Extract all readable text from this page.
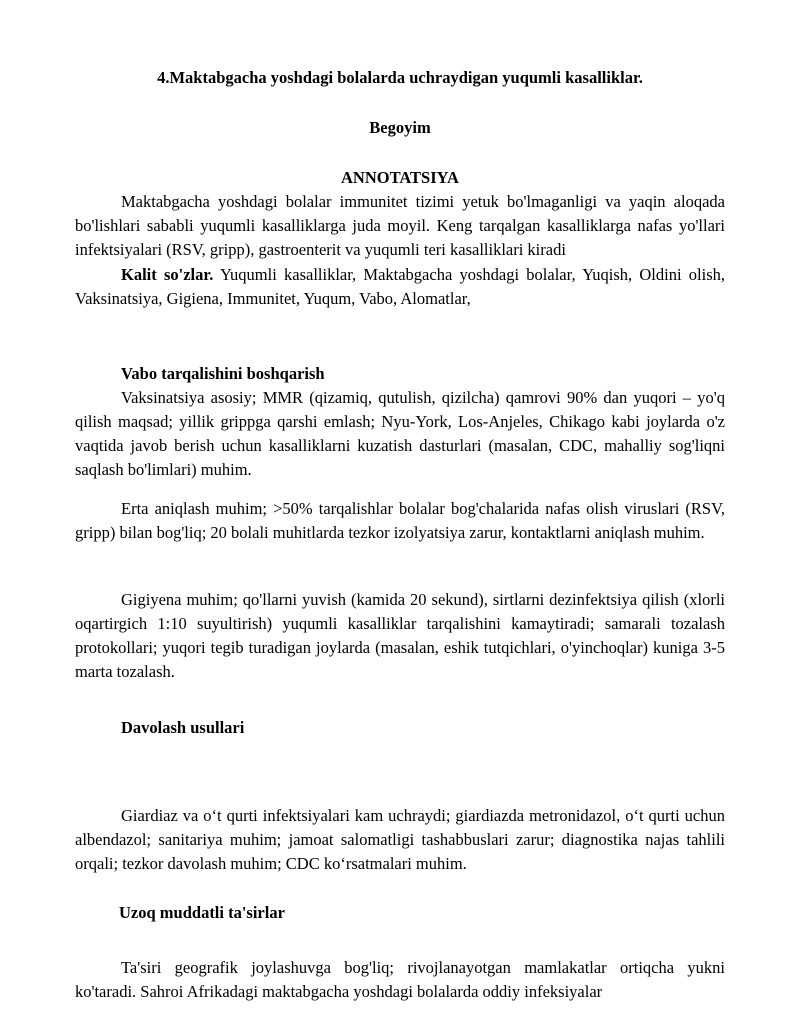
4.Maktabgacha yoshdagi bolalarda uchraydigan yuqumli kasalliklar.

Begoyim

ANNOTATSIYA

Maktabgacha yoshdagi bolalar immunitet tizimi yetuk bo'lmaganligi va yaqin aloqada bo'lishlari sababli yuqumli kasalliklarga juda moyil. Keng tarqalgan kasalliklarga nafas yo'llari infektsiyalari (RSV, gripp), gastroenterit va yuqumli teri kasalliklari kiradi

Kalit so'zlar. Yuqumli kasalliklar, Maktabgacha yoshdagi bolalar, Yuqish, Oldini olish, Vaksinatsiya, Gigiena, Immunitet, Yuqum, Vabo, Alomatlar,

Vabo tarqalishini boshqarish

Vaksinatsiya asosiy; MMR (qizamiq, qutulish, qizilcha) qamrovi 90% dan yuqori – yo'q qilish maqsad; yillik grippga qarshi emlash; Nyu-York, Los-Anjeles, Chikago kabi joylarda o'z vaqtida javob berish uchun kasalliklarni kuzatish dasturlari (masalan, CDC, mahalliy sog'liqni saqlash bo'limlari) muhim.

Erta aniqlash muhim; >50% tarqalishlar bolalar bog'chalarida nafas olish viruslari (RSV, gripp) bilan bog'liq; 20 bolali muhitlarda tezkor izolyatsiya zarur, kontaktlarni aniqlash muhim.

Gigiyena muhim; qo'llarni yuvish (kamida 20 sekund), sirtlarni dezinfektsiya qilish (xlorli oqartirgich 1:10 suyultirish) yuqumli kasalliklar tarqalishini kamaytiradi; samarali tozalash protokollari; yuqori tegib turadigan joylarda (masalan, eshik tutqichlari, o'yinchoqlar) kuniga 3-5 marta tozalash.

Davolash usullari

Giardiaz va o‘t qurti infektsiyalari kam uchraydi; giardiazda metronidazol, o‘t qurti uchun albendazol; sanitariya muhim; jamoat salomatligi tashabbuslari zarur; diagnostika najas tahlili orqali; tezkor davolash muhim; CDC ko‘rsatmalari muhim.

Uzoq muddatli ta'sirlar

Ta'siri geografik joylashuvga bog'liq; rivojlanayotgan mamlakatlar ortiqcha yukni ko'taradi. Sahroi Afrikadagi maktabgacha yoshdagi bolalarda oddiy infeksiyalar
